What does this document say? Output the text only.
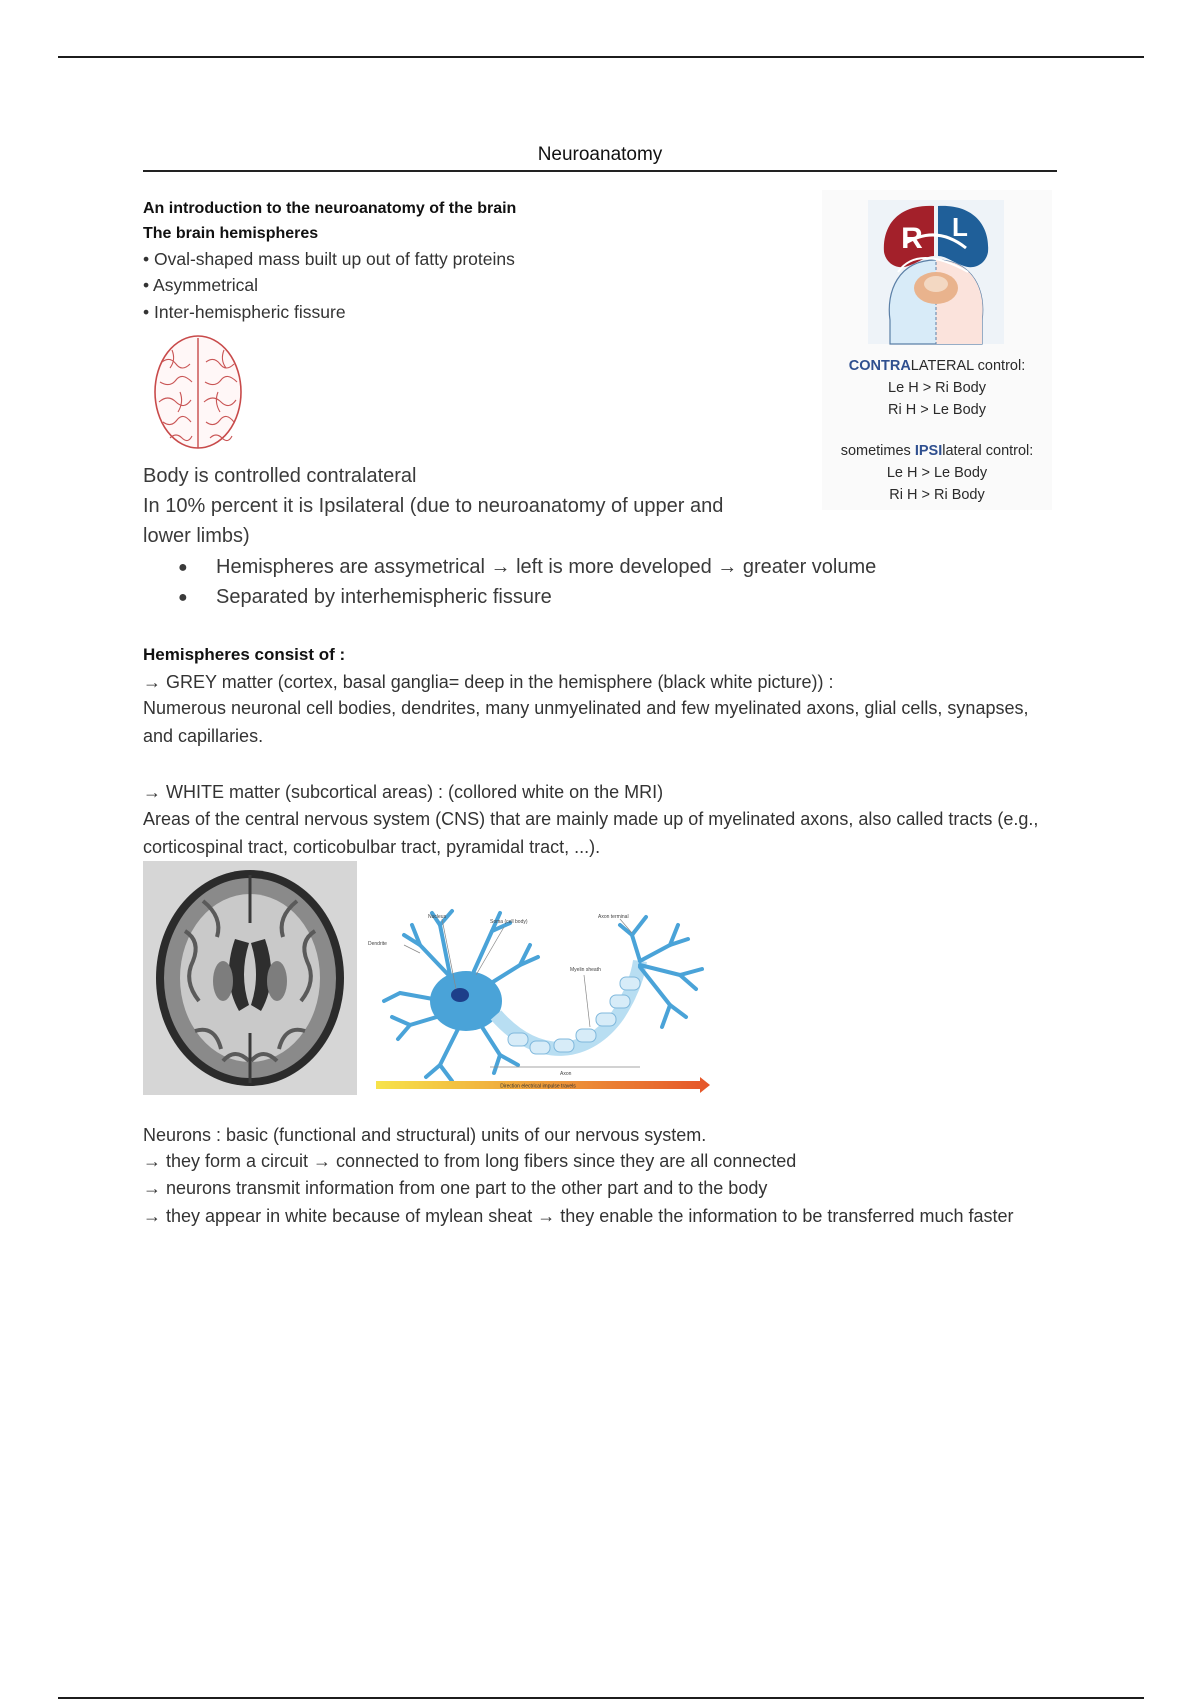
Neuroanatomy
An introduction to the neuroanatomy of the brain
The brain hemispheres
• Oval-shaped mass built up out of fatty proteins
• Asymmetrical
• Inter-hemispheric fissure
R L
CONTRALATERAL control:
Le H > Ri Body
Ri H > Le Body
sometimes IPSIlateral control:
Le H > Le Body
Ri H > Ri Body
Body is controlled contralateral
In 10% percent it is Ipsilateral (due to neuroanatomy of upper and
lower limbs)
● Hemispheres are assymetrical → left is more developed → greater volume
● Separated by interhemispheric fissure
Hemispheres consist of :
→ GREY matter (cortex, basal ganglia= deep in the hemisphere (black white picture)) :
Numerous neuronal cell bodies, dendrites, many unmyelinated and few myelinated axons, glial cells, synapses, and capillaries.
→ WHITE matter (subcortical areas) : (collored white on the MRI)
Areas of the central nervous system (CNS) that are mainly made up of myelinated axons, also called tracts (e.g., corticospinal tract, corticobulbar tract, pyramidal tract, ...).
Dendrite
Nucleus
Soma (cell body)
Axon terminal
Myelin sheath
Axon
Direction electrical impulse travels
Neurons : basic (functional and structural) units of our nervous system.
→ they form a circuit → connected to from long fibers since they are all connected
→ neurons transmit information from one part to the other part and to the body
→ they appear in white because of mylean sheat → they enable the information to be transferred much faster
